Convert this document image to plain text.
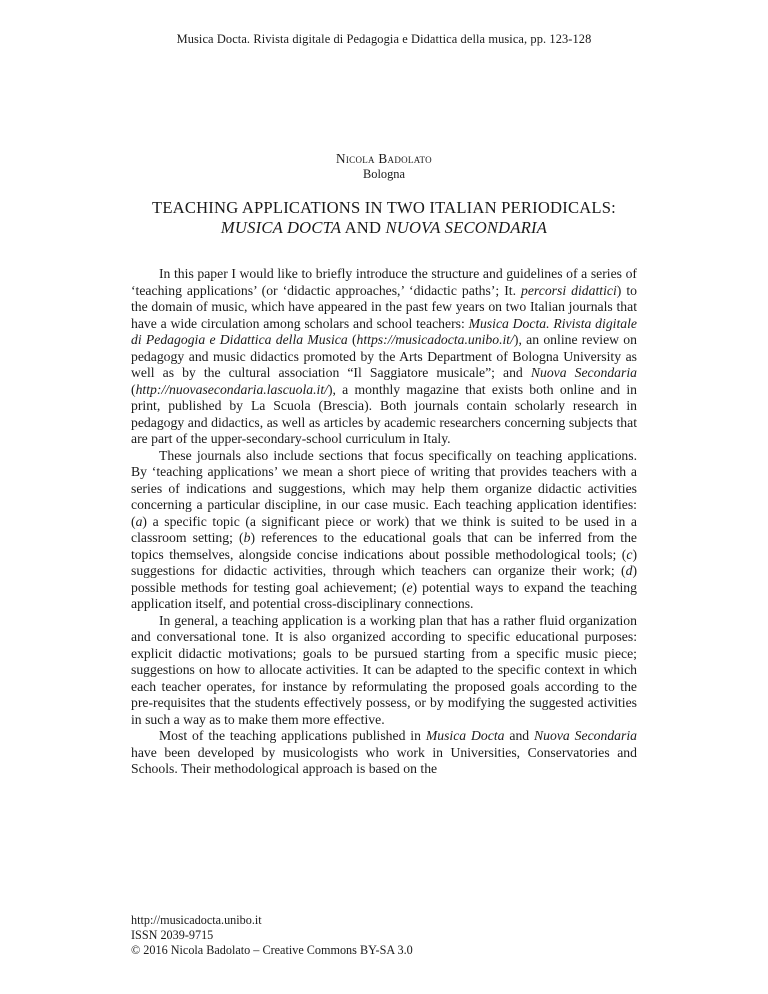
Musica Docta. Rivista digitale di Pedagogia e Didattica della musica, pp. 123-128
Nicola Badolato
Bologna
TEACHING APPLICATIONS IN TWO ITALIAN PERIODICALS:
MUSICA DOCTA AND NUOVA SECONDARIA

In this paper I would like to briefly introduce the structure and guidelines of a series of ‘teaching applications’ (or ‘didactic approaches,’ ‘didactic paths’; It. percorsi didattici) to the domain of music, which have appeared in the past few years on two Italian journals that have a wide circulation among scholars and school teachers: Musica Docta. Rivista digitale di Pedagogia e Didattica della Musica (https://musicadocta.unibo.it/), an online review on pedagogy and music didactics promoted by the Arts Department of Bologna University as well as by the cultural association “Il Saggiatore musicale”; and Nuova Secondaria (http://nuovasecondaria.lascuola.it/), a monthly magazine that exists both online and in print, published by La Scuola (Brescia). Both journals contain scholarly research in pedagogy and didactics, as well as articles by academic researchers concerning subjects that are part of the upper-secondary-school curriculum in Italy.

These journals also include sections that focus specifically on teaching applications. By ‘teaching applications’ we mean a short piece of writing that provides teachers with a series of indications and suggestions, which may help them organize didactic activities concerning a particular discipline, in our case music. Each teaching application identifies: (a) a specific topic (a significant piece or work) that we think is suited to be used in a classroom setting; (b) references to the educational goals that can be inferred from the topics themselves, alongside concise indications about possible methodological tools; (c) suggestions for didactic activities, through which teachers can organize their work; (d) possible methods for testing goal achievement; (e) potential ways to expand the teaching application itself, and potential cross-disciplinary connections.

In general, a teaching application is a working plan that has a rather fluid organization and conversational tone. It is also organized according to specific educational purposes: explicit didactic motivations; goals to be pursued starting from a specific music piece; suggestions on how to allocate activities. It can be adapted to the specific context in which each teacher operates, for instance by reformulating the proposed goals according to the pre-requisites that the students effectively possess, or by modifying the suggested activities in such a way as to make them more effective.

Most of the teaching applications published in Musica Docta and Nuova Secondaria have been developed by musicologists who work in Universities, Conservatories and Schools. Their methodological approach is based on the

http://musicadocta.unibo.it
ISSN 2039-9715
© 2016 Nicola Badolato – Creative Commons BY-SA 3.0
